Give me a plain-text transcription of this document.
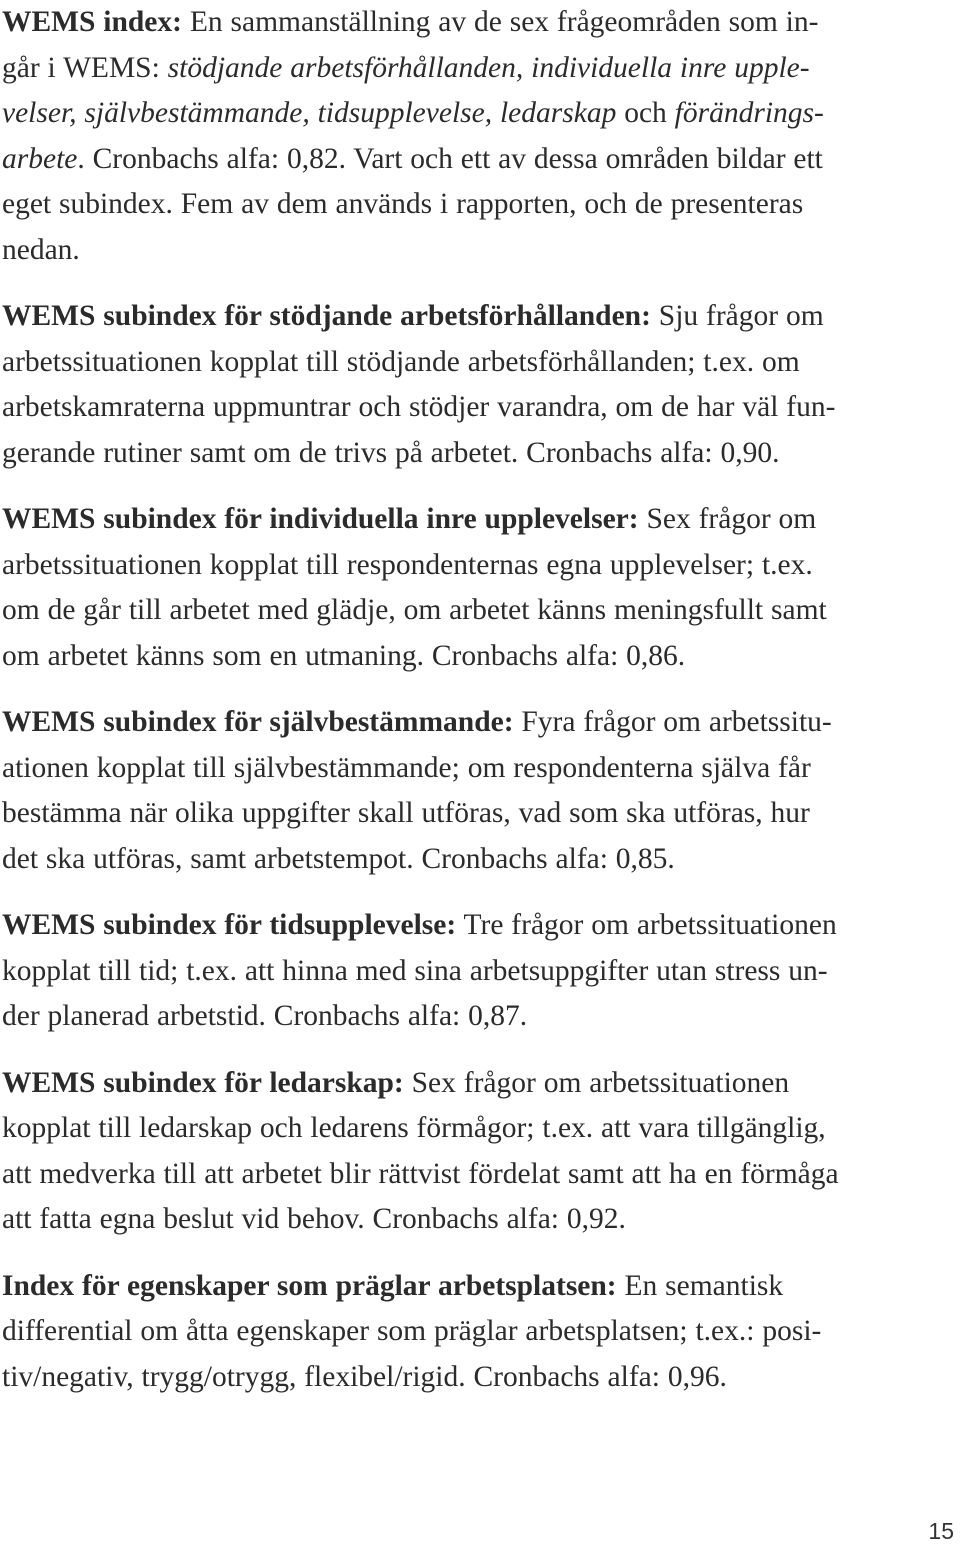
WEMS index: En sammanställning av de sex frågeområden som in-
går i WEMS: stödjande arbetsförhållanden, individuella inre upple-
velser, självbestämmande, tidsupplevelse, ledarskap och förändrings-
arbete. Cronbachs alfa: 0,82. Vart och ett av dessa områden bildar ett
eget subindex. Fem av dem används i rapporten, och de presenteras
nedan.

WEMS subindex för stödjande arbetsförhållanden: Sju frågor om
arbetssituationen kopplat till stödjande arbetsförhållanden; t.ex. om
arbetskamraterna uppmuntrar och stödjer varandra, om de har väl fun-
gerande rutiner samt om de trivs på arbetet. Cronbachs alfa: 0,90.

WEMS subindex för individuella inre upplevelser: Sex frågor om
arbetssituationen kopplat till respondenternas egna upplevelser; t.ex.
om de går till arbetet med glädje, om arbetet känns meningsfullt samt
om arbetet känns som en utmaning. Cronbachs alfa: 0,86.

WEMS subindex för självbestämmande: Fyra frågor om arbetssitu-
ationen kopplat till självbestämmande; om respondenterna själva får
bestämma när olika uppgifter skall utföras, vad som ska utföras, hur
det ska utföras, samt arbetstempot. Cronbachs alfa: 0,85.

WEMS subindex för tidsupplevelse: Tre frågor om arbetssituationen
kopplat till tid; t.ex. att hinna med sina arbetsuppgifter utan stress un-
der planerad arbetstid. Cronbachs alfa: 0,87.

WEMS subindex för ledarskap: Sex frågor om arbetssituationen
kopplat till ledarskap och ledarens förmågor; t.ex. att vara tillgänglig,
att medverka till att arbetet blir rättvist fördelat samt att ha en förmåga
att fatta egna beslut vid behov. Cronbachs alfa: 0,92.

Index för egenskaper som präglar arbetsplatsen: En semantisk
differential om åtta egenskaper som präglar arbetsplatsen; t.ex.: posi-
tiv/negativ, trygg/otrygg, flexibel/rigid. Cronbachs alfa: 0,96.

15
